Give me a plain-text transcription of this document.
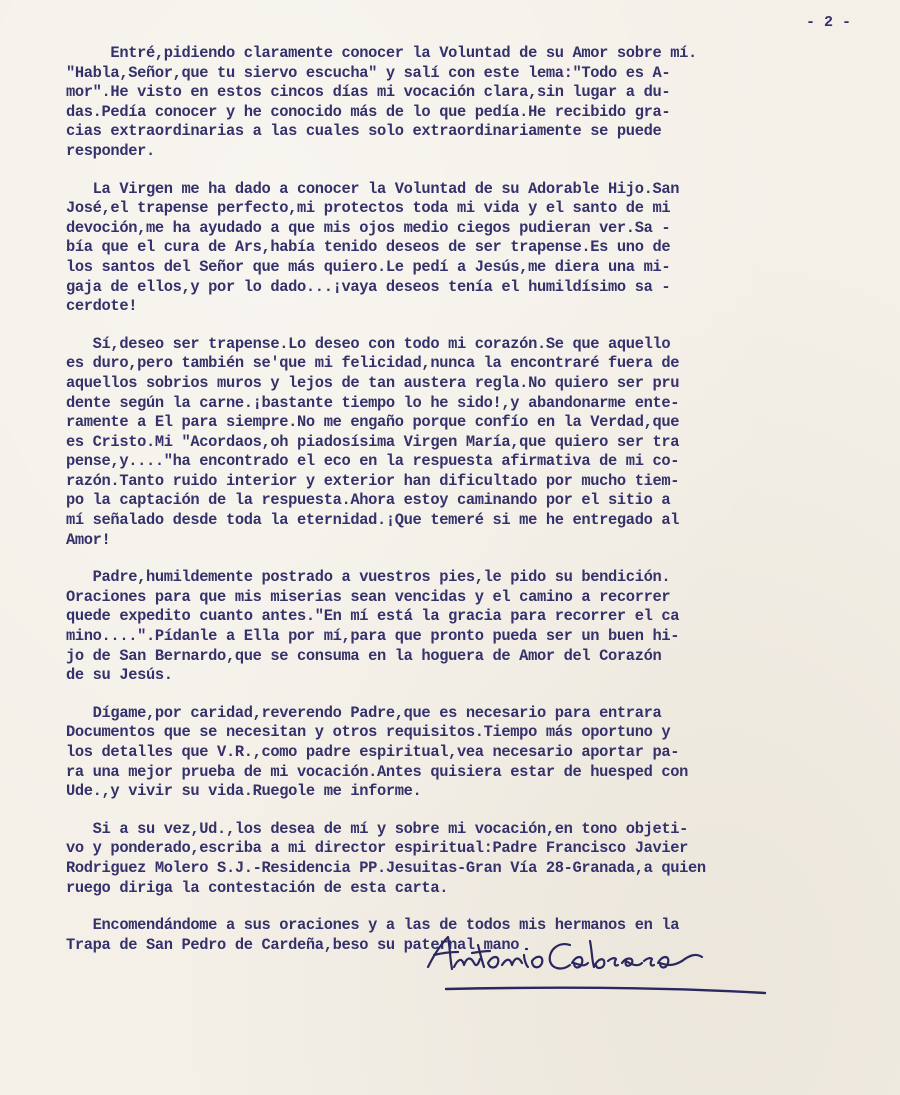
- 2 -
Entré,pidiendo claramente conocer la Voluntad de su Amor sobre mí.
"Habla,Señor,que tu siervo escucha" y salí con este lema:"Todo es A-
mor".He visto en estos cincos días mi vocación clara,sin lugar a du-
das.Pedía conocer y he conocido más de lo que pedía.He recibido gra-
cias extraordinarias a las cuales solo extraordinariamente se puede
responder.
La Virgen me ha dado a conocer la Voluntad de su Adorable Hijo.San
José,el trapense perfecto,mi protectos toda mi vida y el santo de mi
devoción,me ha ayudado a que mis ojos medio ciegos pudieran ver.Sa -
bía que el cura de Ars,había tenido deseos de ser trapense.Es uno de
los santos del Señor que más quiero.Le pedí a Jesús,me diera una mi-
gaja de ellos,y por lo dado...¡vaya deseos tenía el humildísimo sa -
cerdote!
Sí,deseo ser trapense.Lo deseo con todo mi corazón.Se que aquello
es duro,pero también se'que mi felicidad,nunca la encontraré fuera de
aquellos sobrios muros y lejos de tan austera regla.No quiero ser pru
dente según la carne.¡bastante tiempo lo he sido!,y abandonarme ente-
ramente a El para siempre.No me engaño porque confío en la Verdad,que
es Cristo.Mi "Acordaos,oh piadosísima Virgen María,que quiero ser tra
pense,y...."ha encontrado el eco en la respuesta afirmativa de mi co-
razón.Tanto ruido interior y exterior han dificultado por mucho tiem-
po la captación de la respuesta.Ahora estoy caminando por el sitio a
mí señalado desde toda la eternidad.¡Que temeré si me he entregado al
Amor!
Padre,humildemente postrado a vuestros pies,le pido su bendición.
Oraciones para que mis miserias sean vencidas y el camino a recorrer
quede expedito cuanto antes."En mí está la gracia para recorrer el ca
mino....".Pídanle a Ella por mí,para que pronto pueda ser un buen hi-
jo de San Bernardo,que se consuma en la hoguera de Amor del Corazón
de su Jesús.
Dígame,por caridad,reverendo Padre,que es necesario para entrara
Documentos que se necesitan y otros requisitos.Tiempo más oportuno y
los detalles que V.R.,como padre espiritual,vea necesario aportar pa-
ra una mejor prueba de mi vocación.Antes quisiera estar de huesped con
Ude.,y vivir su vida.Ruegole me informe.
Si a su vez,Ud.,los desea de mí y sobre mi vocación,en tono objeti-
vo y ponderado,escriba a mi director espiritual:Padre Francisco Javier
Rodriguez Molero S.J.-Residencia PP.Jesuitas-Gran Vía 28-Granada,a quien
ruego diriga la contestación de esta carta.
Encomendándome a sus oraciones y a las de todos mis hermanos en la
Trapa de San Pedro de Cardeña,beso su paternal mano
